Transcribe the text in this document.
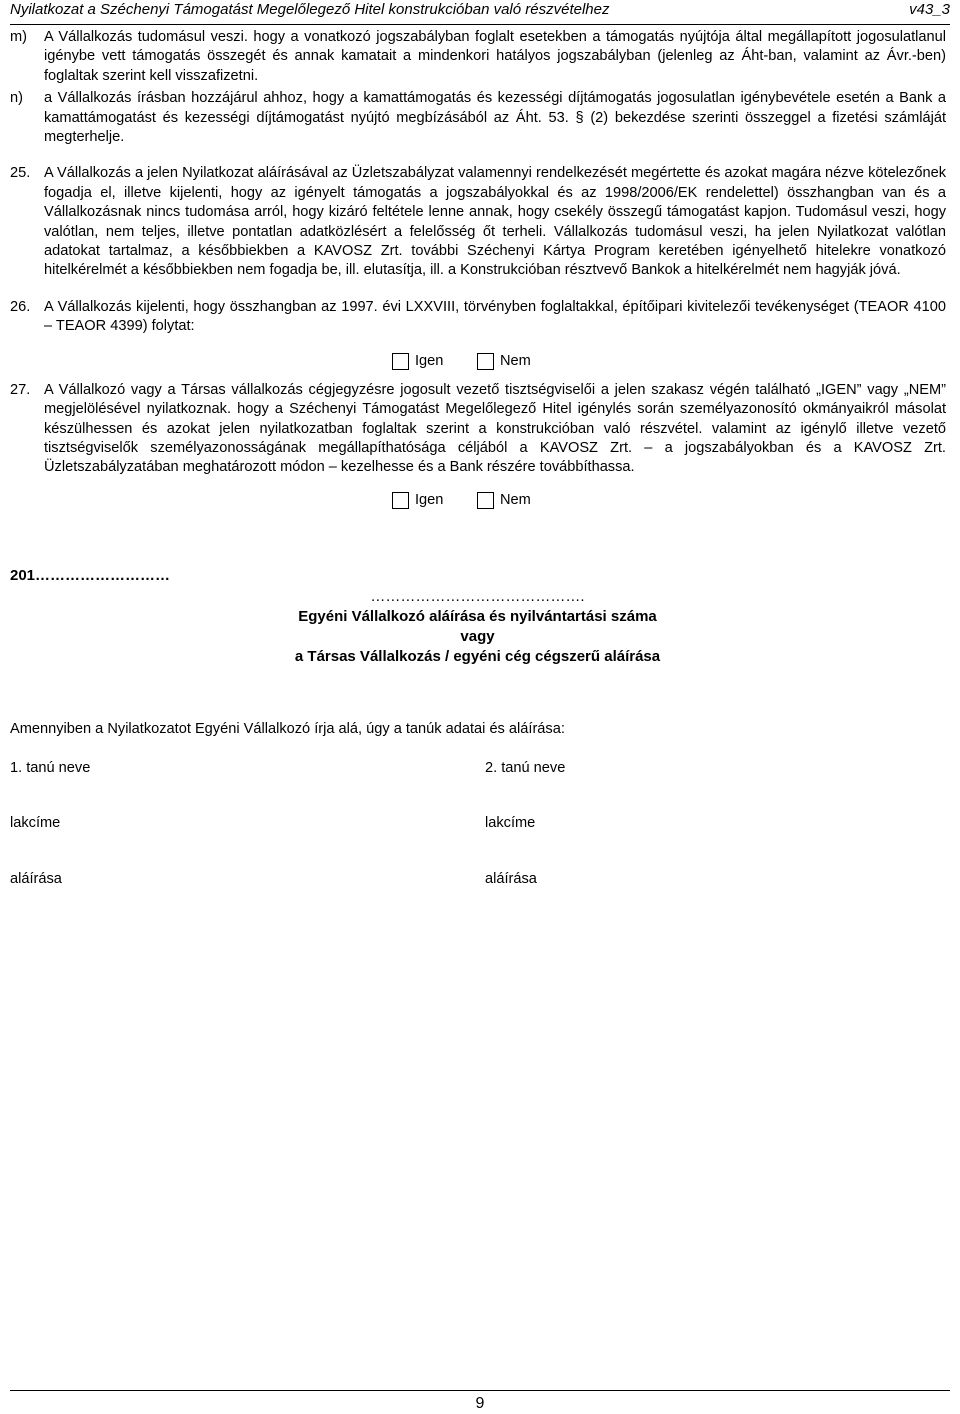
Nyilatkozat a Széchenyi Támogatást Megelőlegező Hitel konstrukcióban való részvételhez	v43_3

m) A Vállalkozás tudomásul veszi. hogy a vonatkozó jogszabályban foglalt esetekben a támogatás nyújtója által megállapított jogosulatlanul igénybe vett támogatás összegét és annak kamatait a mindenkori hatályos jogszabályban (jelenleg az Áht-ban, valamint az Ávr.-ben) foglaltak szerint kell visszafizetni.

n) a Vállalkozás írásban hozzájárul ahhoz, hogy a kamattámogatás és kezességi díjtámogatás jogosulatlan igénybevétele esetén a Bank a kamattámogatást és kezességi díjtámogatást nyújtó megbízásából az Áht. 53. § (2) bekezdése szerinti összeggel a fizetési számláját megterhelje.

25. A Vállalkozás a jelen Nyilatkozat aláírásával az Üzletszabályzat valamennyi rendelkezését megértette és azokat magára nézve kötelezőnek fogadja el, illetve kijelenti, hogy az igényelt támogatás a jogszabályokkal és az 1998/2006/EK rendelettel) összhangban van és a Vállalkozásnak nincs tudomása arról, hogy kizáró feltétele lenne annak, hogy csekély összegű támogatást kapjon. Tudomásul veszi, hogy valótlan, nem teljes, illetve pontatlan adatközlésért a felelősség őt terheli. Vállalkozás tudomásul veszi, ha jelen Nyilatkozat valótlan adatokat tartalmaz, a későbbiekben a KAVOSZ Zrt. további Széchenyi Kártya Program keretében igényelhető hitelekre vonatkozó hitelkérelmét a későbbiekben nem fogadja be, ill. elutasítja, ill. a Konstrukcióban résztvevő Bankok a hitelkérelmét nem hagyják jóvá.

26. A Vállalkozás kijelenti, hogy összhangban az 1997. évi LXXVIII, törvényben foglaltakkal, építőipari kivitelezői tevékenységet (TEAOR 4100 – TEAOR 4399) folytat:

Igen	Nem

27. A Vállalkozó vagy a Társas vállalkozás cégjegyzésre jogosult vezető tisztségviselői a jelen szakasz végén található „IGEN” vagy „NEM” megjelölésével nyilatkoznak. hogy a Széchenyi Támogatást Megelőlegező Hitel igénylés során személyazonosító okmányaikról másolat készülhessen és azokat jelen nyilatkozatban foglaltak szerint a konstrukcióban való részvétel. valamint az igénylő illetve vezető tisztségviselők személyazonosságának megállapíthatósága céljából a KAVOSZ Zrt. – a jogszabályokban és a KAVOSZ Zrt. Üzletszabályzatában meghatározott módon – kezelhesse és a Bank részére továbbíthassa.

Igen	Nem
201………………………
…………………………………….
Egyéni Vállalkozó aláírása és nyilvántartási száma
vagy
a Társas Vállalkozás / egyéni cég cégszerű aláírása
Amennyiben a Nyilatkozatot Egyéni Vállalkozó írja alá, úgy a tanúk adatai és aláírása:
1. tanú neve	2. tanú neve
lakcíme	lakcíme
aláírása	aláírása
9
